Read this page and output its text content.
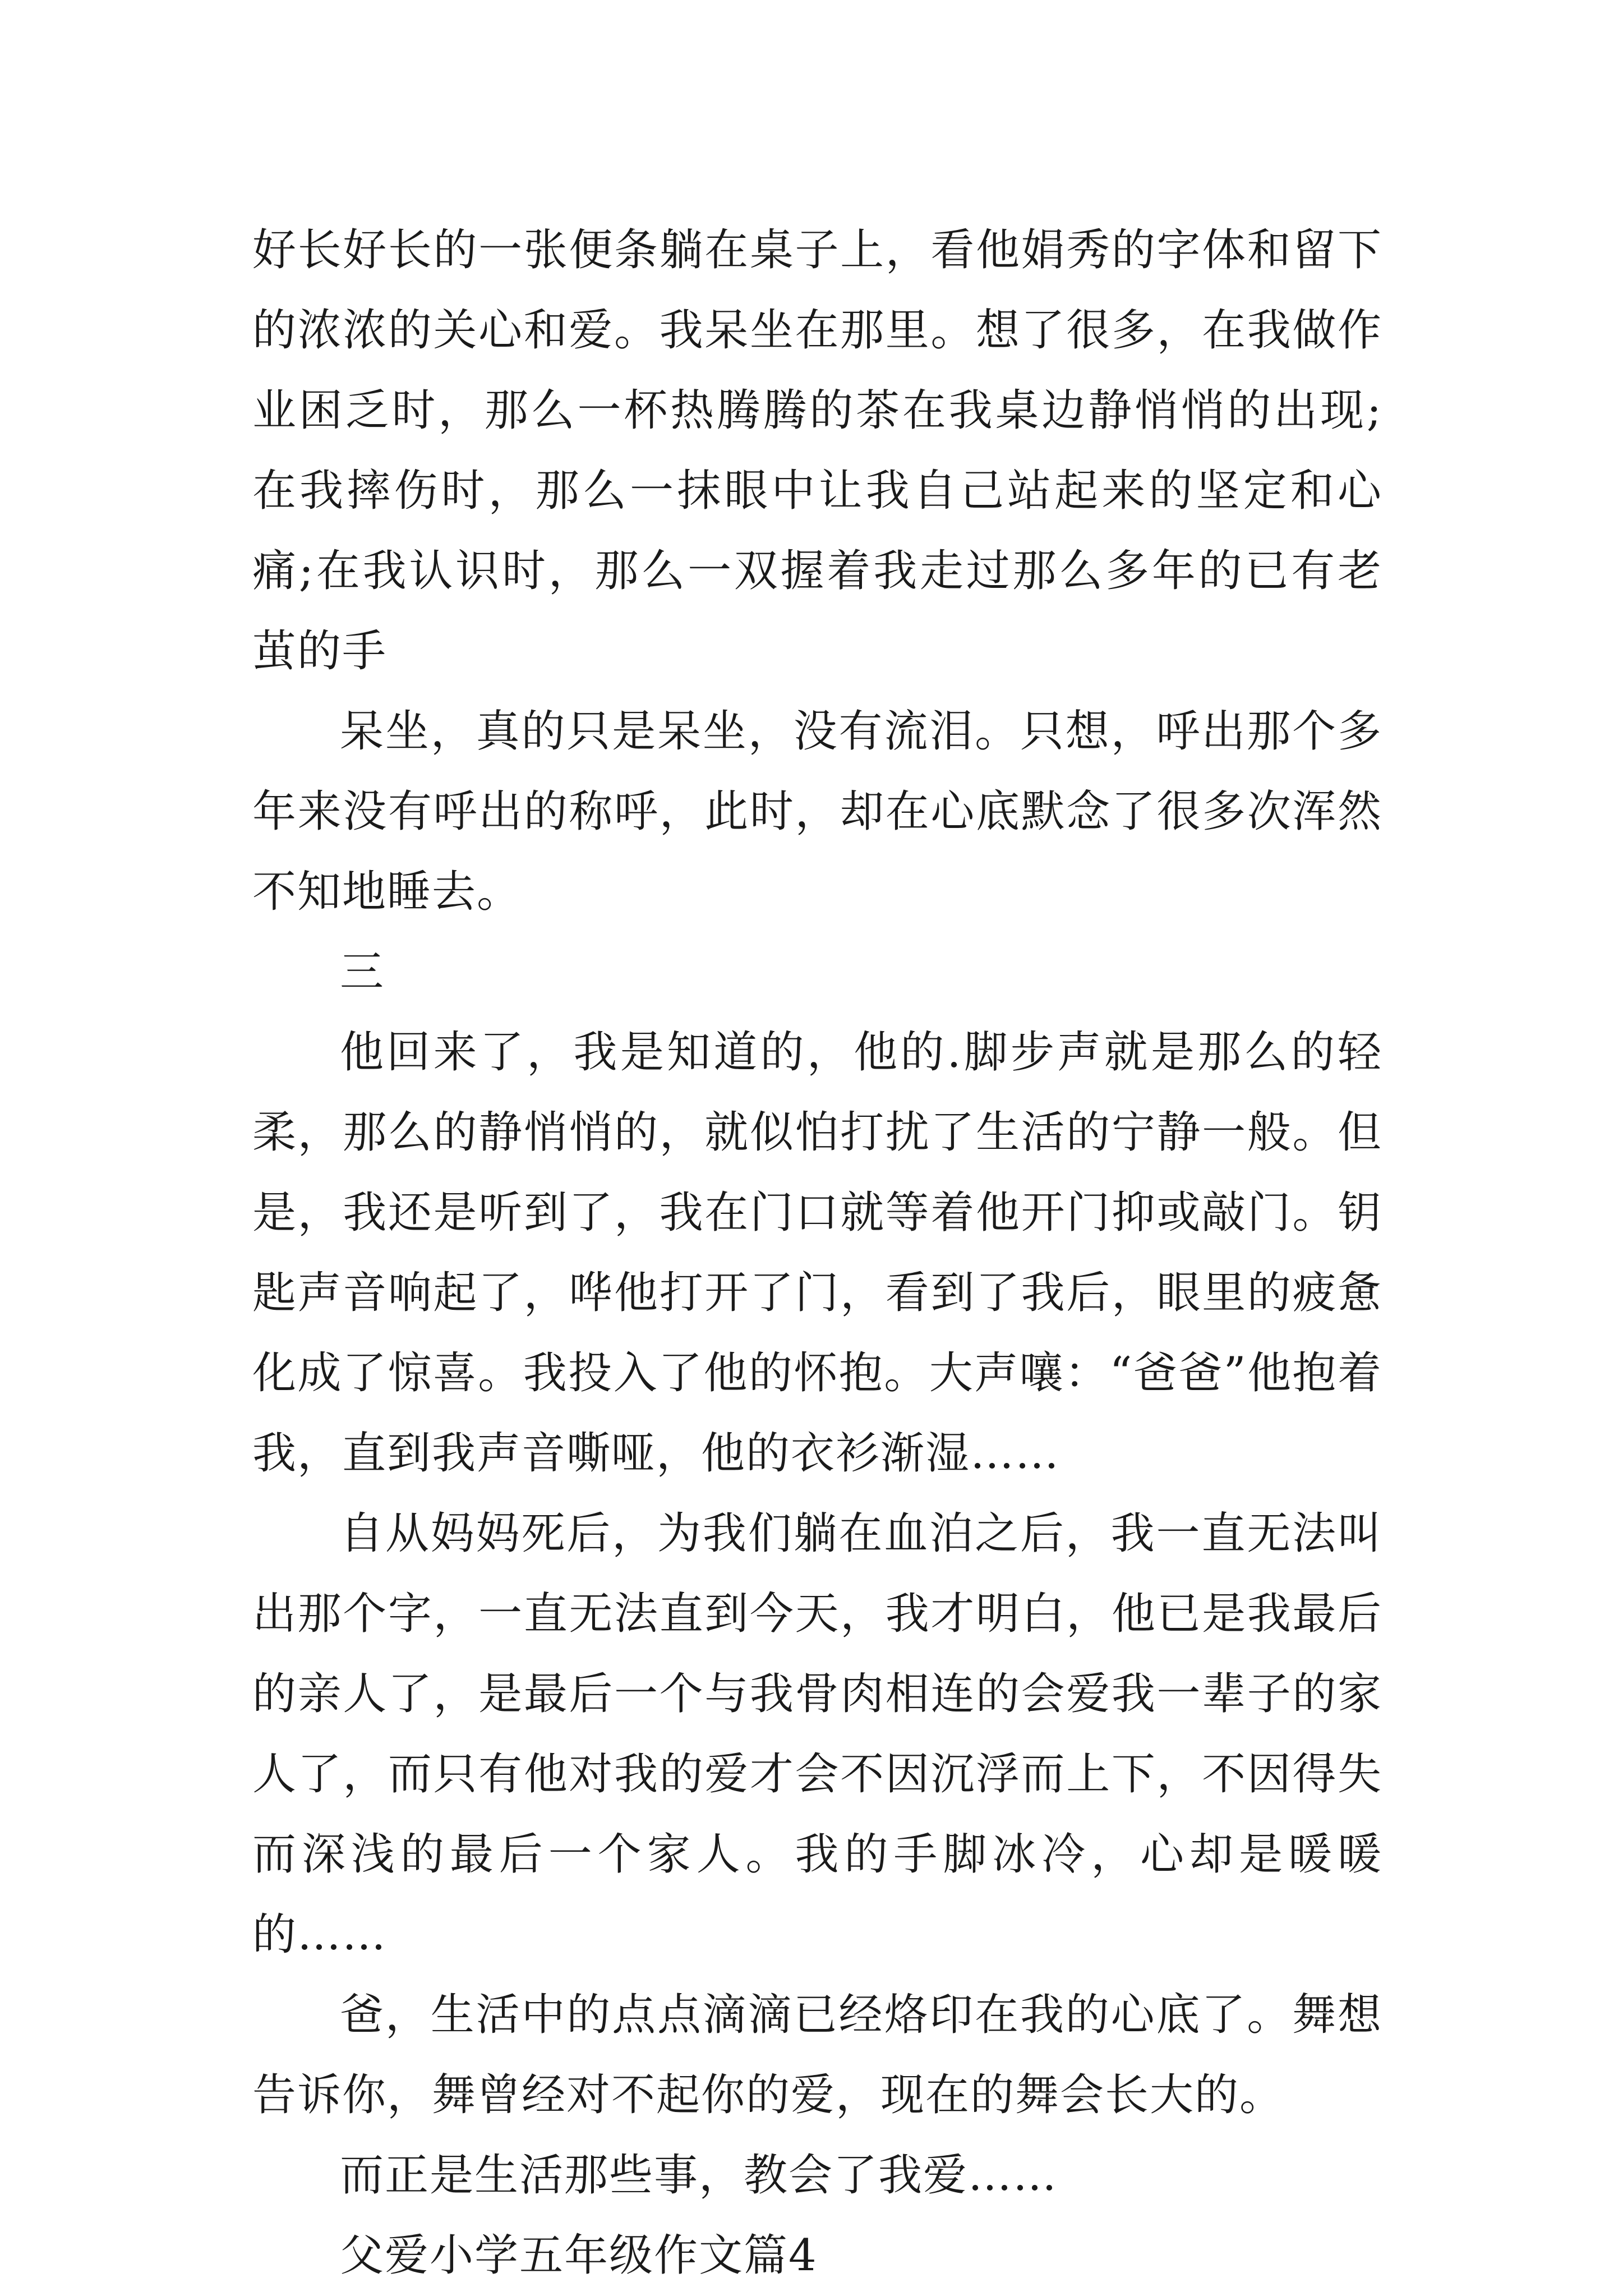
好长好长的一张便条躺在桌子上，看他娟秀的字体和留下的浓浓的关心和爱。我呆坐在那里。想了很多，在我做作业困乏时，那么一杯热腾腾的茶在我桌边静悄悄的出现;在我摔伤时，那么一抹眼中让我自己站起来的坚定和心痛;在我认识时，那么一双握着我走过那么多年的已有老茧的手

呆坐，真的只是呆坐，没有流泪。只想，呼出那个多年来没有呼出的称呼，此时，却在心底默念了很多次浑然不知地睡去。

三

他回来了，我是知道的，他的.脚步声就是那么的轻柔，那么的静悄悄的，就似怕打扰了生活的宁静一般。但是，我还是听到了，我在门口就等着他开门抑或敲门。钥匙声音响起了，哗他打开了门，看到了我后，眼里的疲惫化成了惊喜。我投入了他的怀抱。大声嚷：“爸爸”他抱着我，直到我声音嘶哑，他的衣衫渐湿……

自从妈妈死后，为我们躺在血泊之后，我一直无法叫出那个字，一直无法直到今天，我才明白，他已是我最后的亲人了，是最后一个与我骨肉相连的会爱我一辈子的家人了，而只有他对我的爱才会不因沉浮而上下，不因得失而深浅的最后一个家人。我的手脚冰冷，心却是暖暖的……

爸，生活中的点点滴滴已经烙印在我的心底了。舞想告诉你，舞曾经对不起你的爱，现在的舞会长大的。

而正是生活那些事，教会了我爱……

父爱小学五年级作文篇4
